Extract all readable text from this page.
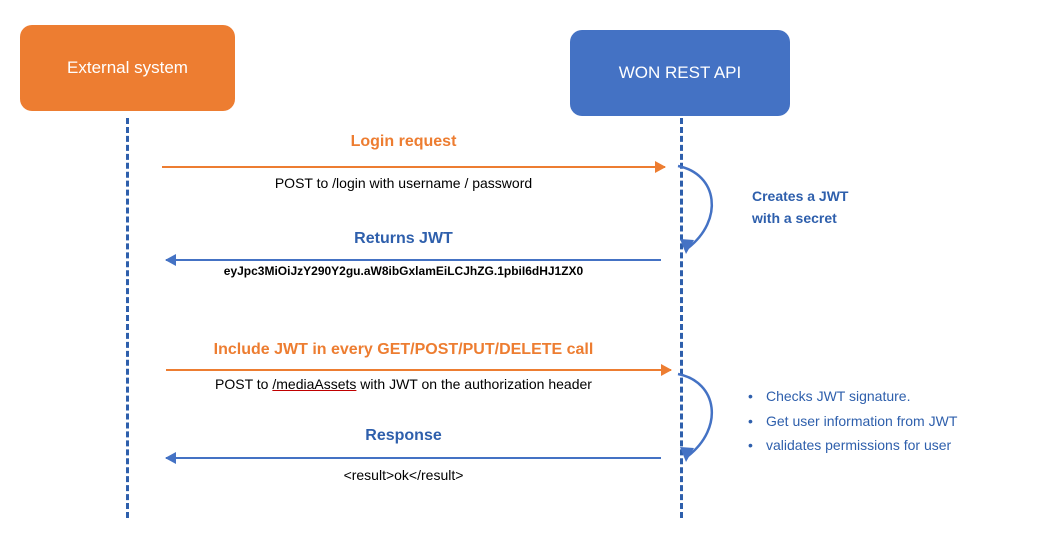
External system	WON REST API
Login request
POST to /login with username / password
Creates a JWT
with a secret
Returns JWT
eyJpc3MiOiJzY290Y2gu.aW8ibGxlamEiLCJhZG.1pbiI6dHJ1ZX0
Include JWT in every GET/POST/PUT/DELETE call
POST to /mediaAssets with JWT on the authorization header
• Checks JWT signature.
• Get user information from JWT
• validates permissions for user
Response
<result>ok</result>
